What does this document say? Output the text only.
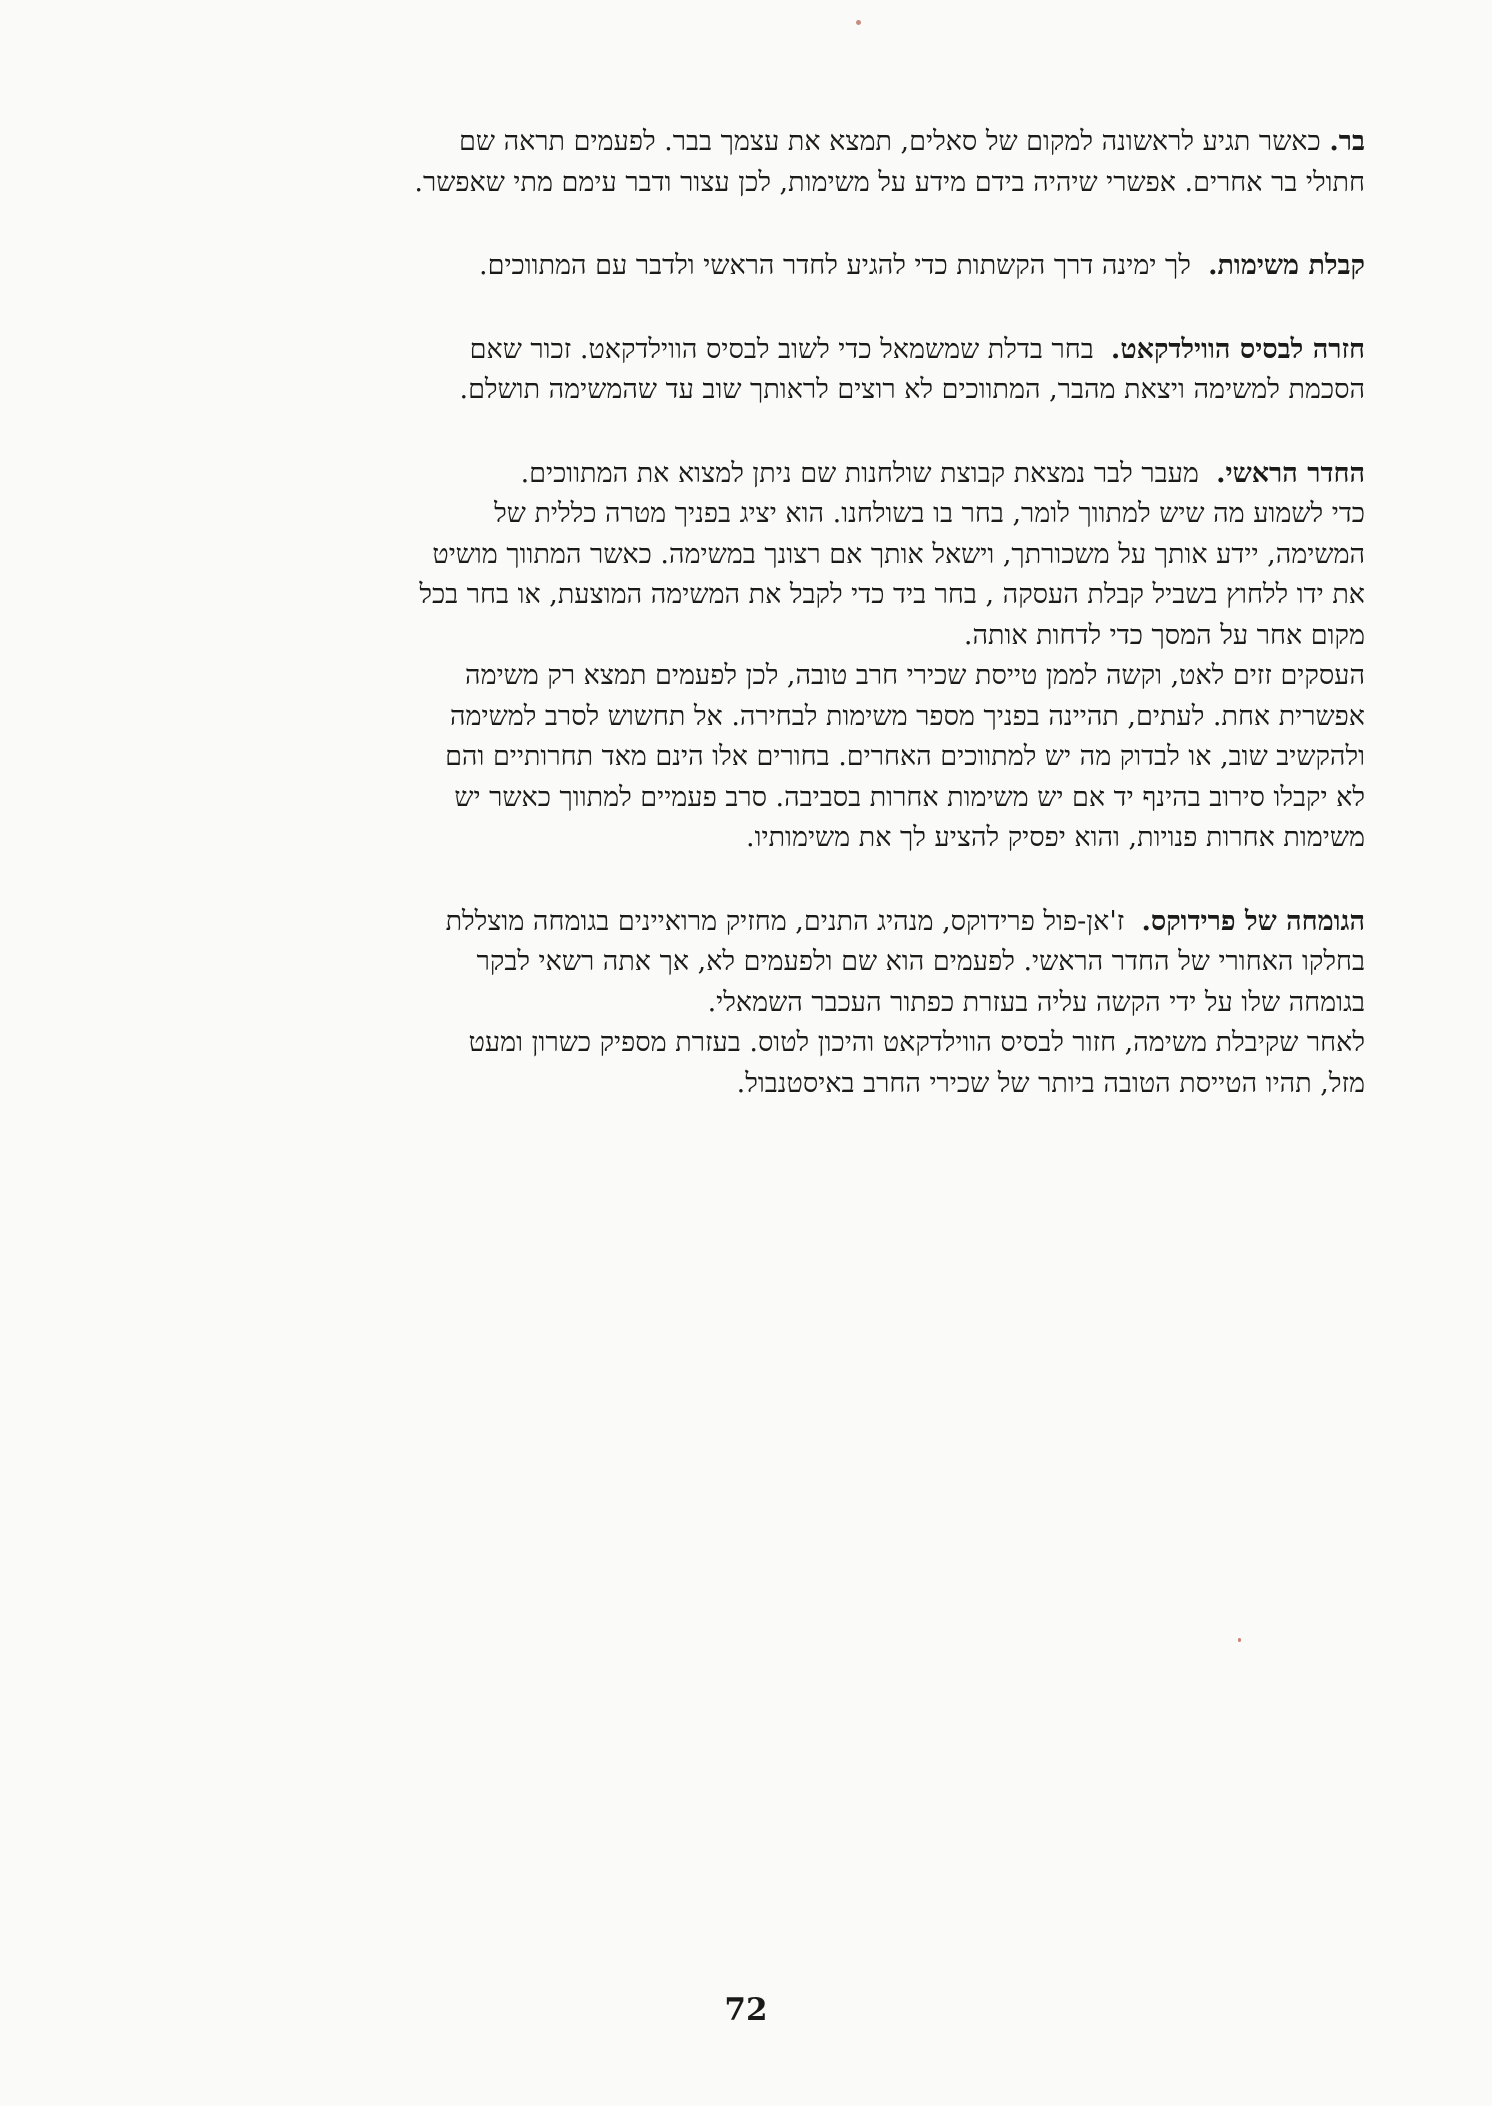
בר. כאשר תגיע לראשונה למקום של סאלים, תמצא את עצמך בבר. לפעמים תראה שם
חתולי בר אחרים. אפשרי שיהיה בידם מידע על משימות, לכן עצור ודבר עימם מתי שאפשר.
קבלת משימות.  לך ימינה דרך הקשתות כדי להגיע לחדר הראשי ולדבר עם המתווכים.
חזרה לבסיס הווילדקאט.  בחר בדלת שמשמאל כדי לשוב לבסיס הווילדקאט. זכור שאם
הסכמת למשימה ויצאת מהבר, המתווכים לא רוצים לראותך שוב עד שהמשימה תושלם.
החדר הראשי.  מעבר לבר נמצאת קבוצת שולחנות שם ניתן למצוא את המתווכים.
כדי לשמוע מה שיש למתווך לומר, בחר בו בשולחנו. הוא יציג בפניך מטרה כללית של
המשימה, יידע אותך על משכורתך, וישאל אותך אם רצונך במשימה. כאשר המתווך מושיט
את ידו ללחוץ בשביל קבלת העסקה , בחר ביד כדי לקבל את המשימה המוצעת, או בחר בכל
מקום אחר על המסך כדי לדחות אותה.
העסקים זזים לאט, וקשה לממן טייסת שכירי חרב טובה, לכן לפעמים תמצא רק משימה
אפשרית אחת. לעתים, תהיינה בפניך מספר משימות לבחירה. אל תחשוש לסרב למשימה
ולהקשיב שוב, או לבדוק מה יש למתווכים האחרים. בחורים אלו הינם מאד תחרותיים והם
לא יקבלו סירוב בהינף יד אם יש משימות אחרות בסביבה. סרב פעמיים למתווך כאשר יש
משימות אחרות פנויות, והוא יפסיק להציע לך את משימותיו.
הגומחה של פרידוקס.  ז'אן-פול פרידוקס, מנהיג התנים, מחזיק מרואיינים בגומחה מוצללת
בחלקו האחורי של החדר הראשי. לפעמים הוא שם ולפעמים לא, אך אתה רשאי לבקר
בגומחה שלו על ידי הקשה עליה בעזרת כפתור העכבר השמאלי.
לאחר שקיבלת משימה, חזור לבסיס הווילדקאט והיכון לטוס. בעזרת מספיק כשרון ומעט
מזל, תהיו הטייסת הטובה ביותר של שכירי החרב באיסטנבול.
72
